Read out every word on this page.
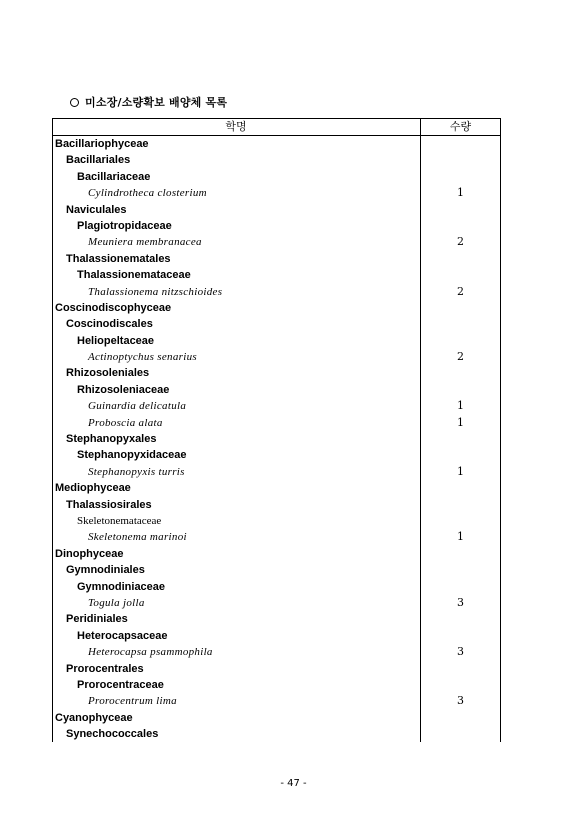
미소장/소량확보 배양체 목록
학명	수량
Bacillariophyceae
Bacillariales
Bacillariaceae
Cylindrotheca closterium	1
Naviculales
Plagiotropidaceae
Meuniera membranacea	2
Thalassionematales
Thalassionemataceae
Thalassionema nitzschioides	2
Coscinodiscophyceae
Coscinodiscales
Heliopeltaceae
Actinoptychus senarius	2
Rhizosoleniales
Rhizosoleniaceae
Guinardia delicatula	1
Proboscia alata	1
Stephanopyxales
Stephanopyxidaceae
Stephanopyxis turris	1
Mediophyceae
Thalassiosirales
Skeletonemataceae
Skeletonema marinoi	1
Dinophyceae
Gymnodiniales
Gymnodiniaceae
Togula jolla	3
Peridiniales
Heterocapsaceae
Heterocapsa psammophila	3
Prorocentrales
Prorocentraceae
Prorocentrum lima	3
Cyanophyceae
Synechococcales
- 47 -
